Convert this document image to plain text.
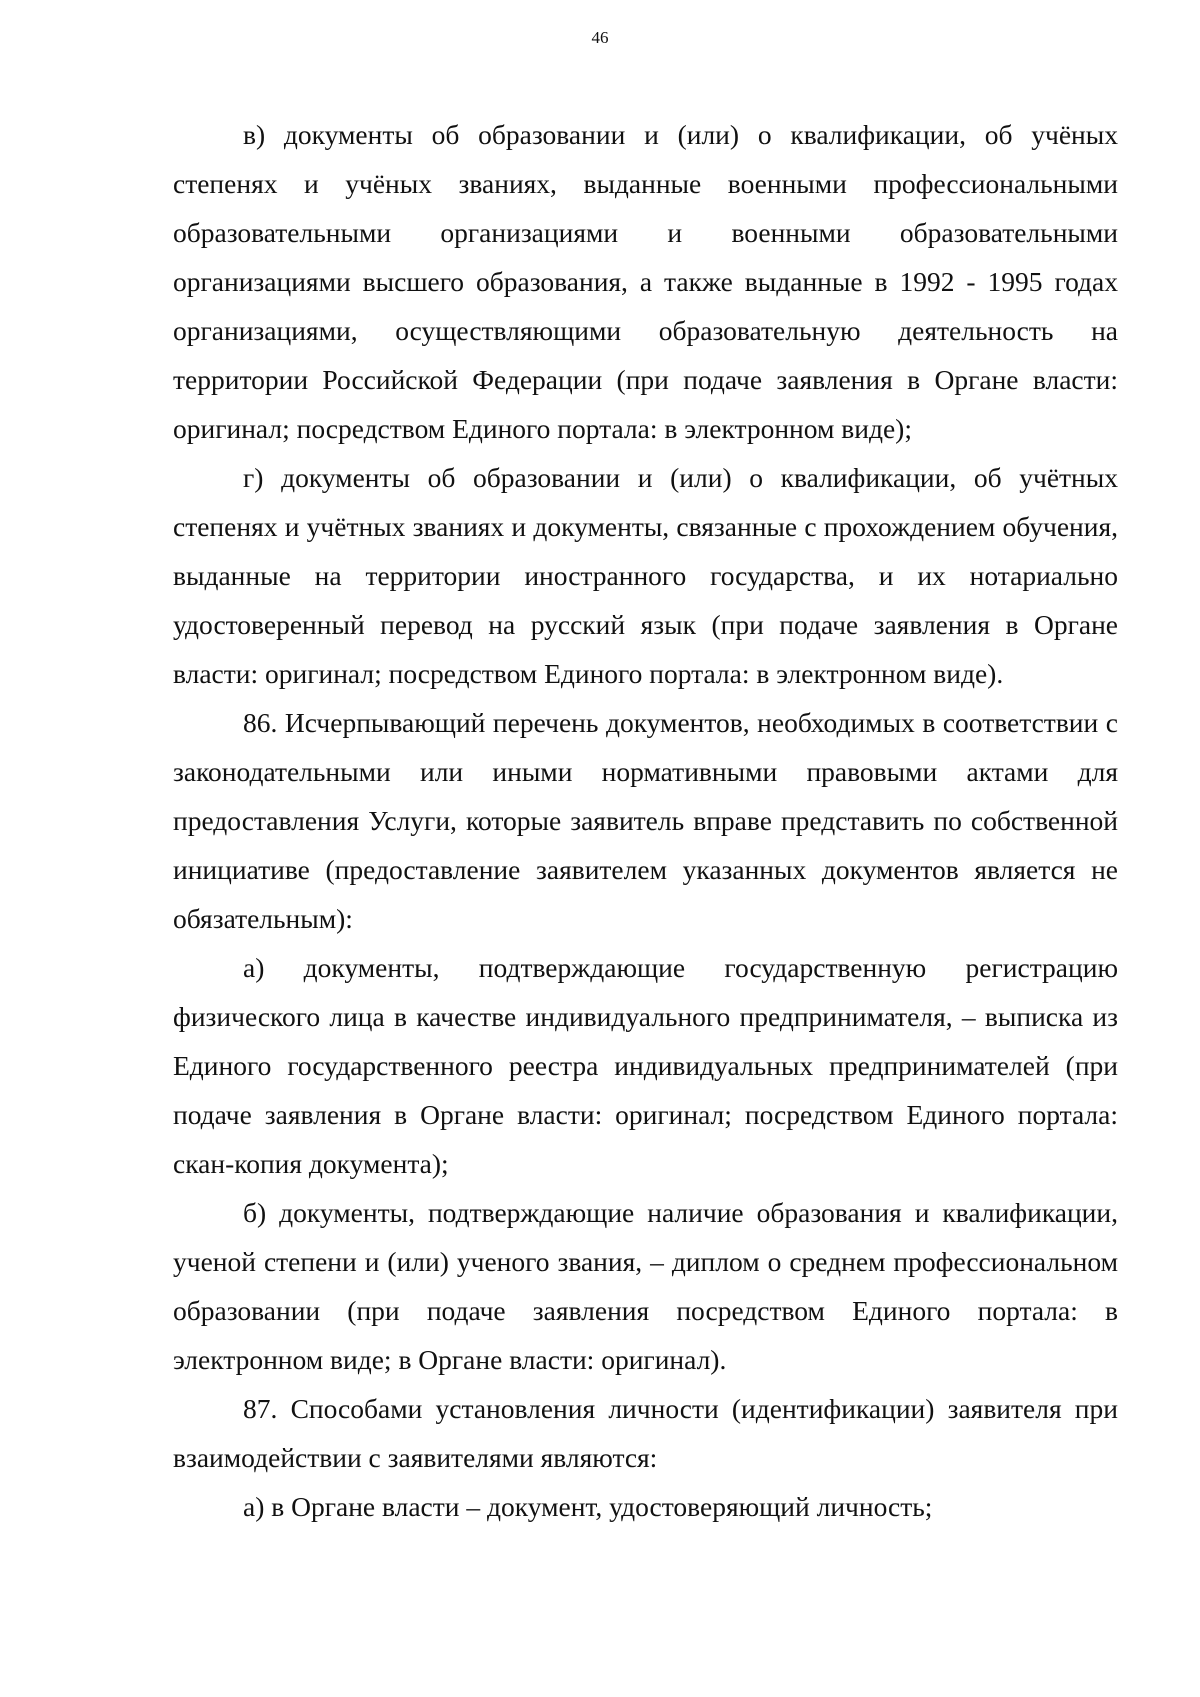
46

в) документы об образовании и (или) о квалификации, об учёных степенях и учёных званиях, выданные военными профессиональными образовательными организациями и военными образовательными организациями высшего образования, а также выданные в 1992 - 1995 годах организациями, осуществляющими образовательную деятельность на территории Российской Федерации (при подаче заявления в Органе власти: оригинал; посредством Единого портала: в электронном виде);

г) документы об образовании и (или) о квалификации, об учётных степенях и учётных званиях и документы, связанные с прохождением обучения, выданные на территории иностранного государства, и их нотариально удостоверенный перевод на русский язык (при подаче заявления в Органе власти: оригинал; посредством Единого портала: в электронном виде).

86. Исчерпывающий перечень документов, необходимых в соответствии с законодательными или иными нормативными правовыми актами для предоставления Услуги, которые заявитель вправе представить по собственной инициативе (предоставление заявителем указанных документов является не обязательным):

а) документы, подтверждающие государственную регистрацию физического лица в качестве индивидуального предпринимателя, – выписка из Единого государственного реестра индивидуальных предпринимателей (при подаче заявления в Органе власти: оригинал; посредством Единого портала: скан-копия документа);

б) документы, подтверждающие наличие образования и квалификации, ученой степени и (или) ученого звания, – диплом о среднем профессиональном образовании (при подаче заявления посредством Единого портала: в электронном виде; в Органе власти: оригинал).

87. Способами установления личности (идентификации) заявителя при взаимодействии с заявителями являются:

а) в Органе власти – документ, удостоверяющий личность;
